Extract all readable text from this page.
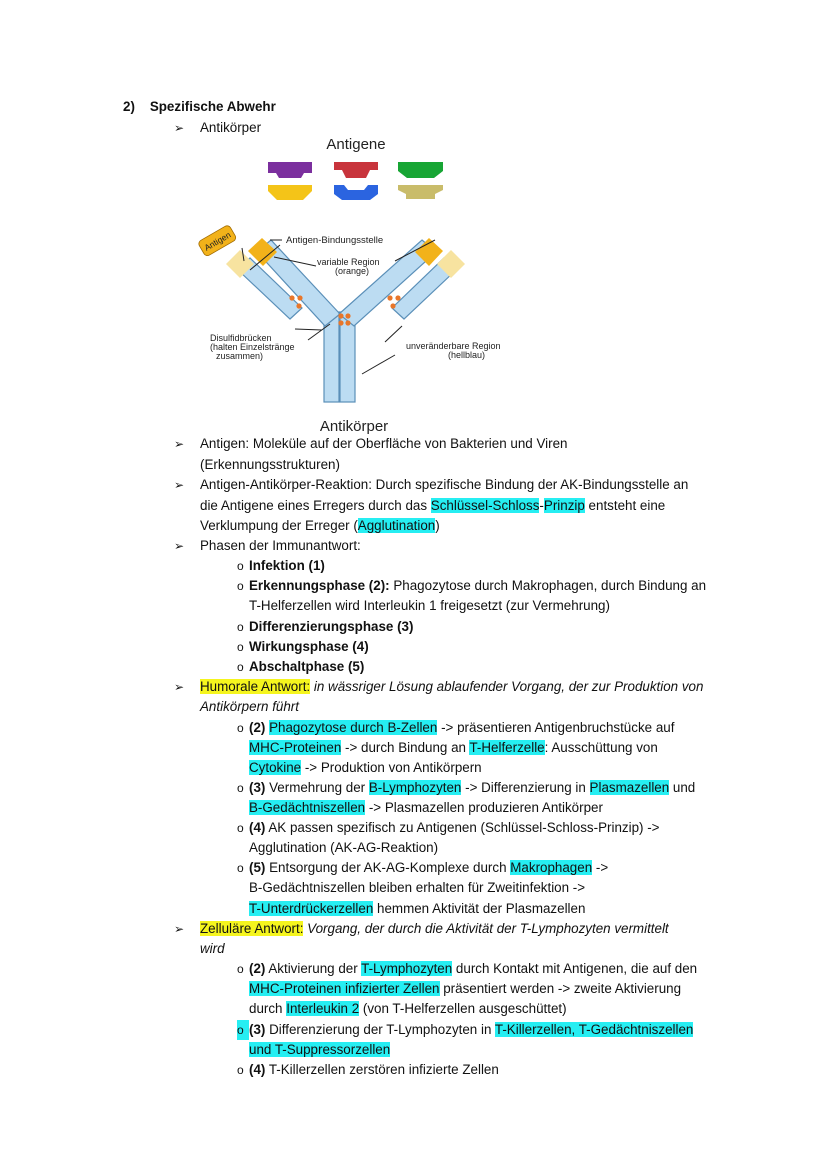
2) Spezifische Abwehr
➢ Antikörper
Antigene
Antigen	Antigen-Bindungsstelle
variable Region
(orange)
Disulfidbrücken
(halten Einzelstränge
zusammen)
unveränderbare Region
(hellblau)
Antikörper
➢ Antigen: Moleküle auf der Oberfläche von Bakterien und Viren
(Erkennungsstrukturen)
➢ Antigen-Antikörper-Reaktion: Durch spezifische Bindung der AK-Bindungsstelle an
die Antigene eines Erregers durch das Schlüssel-Schloss-Prinzip entsteht eine
Verklumpung der Erreger (Agglutination)
➢ Phasen der Immunantwort:
o Infektion (1)
o Erkennungsphase (2): Phagozytose durch Makrophagen, durch Bindung an
T-Helferzellen wird Interleukin 1 freigesetzt (zur Vermehrung)
o Differenzierungsphase (3)
o Wirkungsphase (4)
o Abschaltphase (5)
➢ Humorale Antwort: in wässriger Lösung ablaufender Vorgang, der zur Produktion von
Antikörpern führt
o (2) Phagozytose durch B-Zellen -> präsentieren Antigenbruchstücke auf
MHC-Proteinen -> durch Bindung an T-Helferzelle: Ausschüttung von
Cytokine -> Produktion von Antikörpern
o (3) Vermehrung der B-Lymphozyten -> Differenzierung in Plasmazellen und
B-Gedächtniszellen -> Plasmazellen produzieren Antikörper
o (4) AK passen spezifisch zu Antigenen (Schlüssel-Schloss-Prinzip) ->
Agglutination (AK-AG-Reaktion)
o (5) Entsorgung der AK-AG-Komplexe durch Makrophagen ->
B-Gedächtniszellen bleiben erhalten für Zweitinfektion ->
T-Unterdrückerzellen hemmen Aktivität der Plasmazellen
➢ Zelluläre Antwort: Vorgang, der durch die Aktivität der T-Lymphozyten vermittelt
wird
o (2) Aktivierung der T-Lymphozyten durch Kontakt mit Antigenen, die auf den
MHC-Proteinen infizierter Zellen präsentiert werden -> zweite Aktivierung
durch Interleukin 2 (von T-Helferzellen ausgeschüttet)
o (3) Differenzierung der T-Lymphozyten in T-Killerzellen, T-Gedächtniszellen
und T-Suppressorzellen
o (4) T-Killerzellen zerstören infizierte Zellen
